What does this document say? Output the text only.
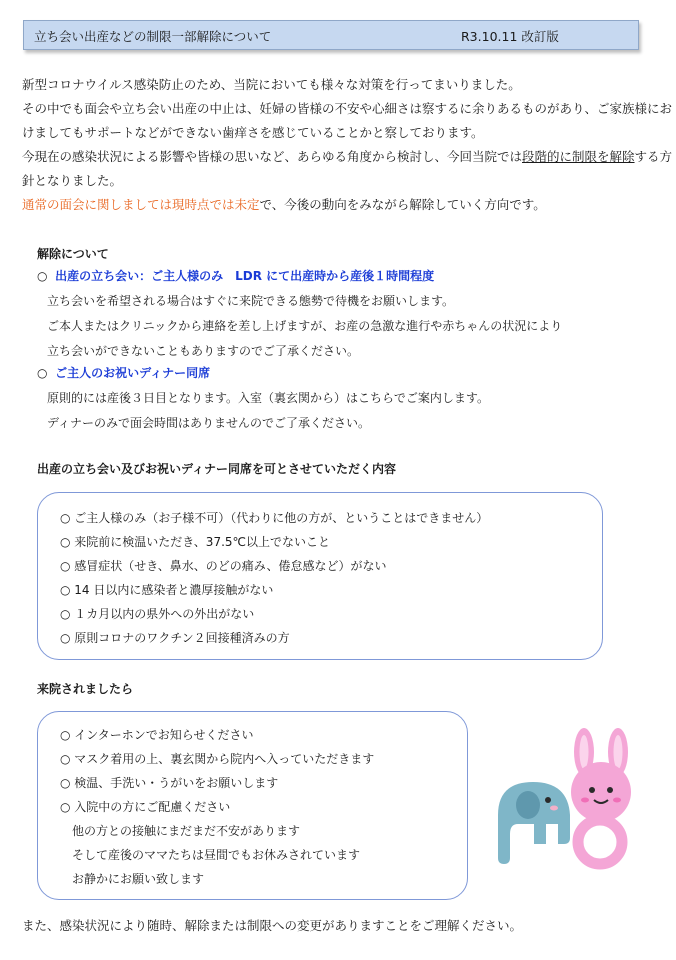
立ち会い出産などの制限一部解除について	R3.10.11 改訂版
新型コロナウイルス感染防止のため、当院においても様々な対策を行ってまいりました。
その中でも面会や立ち会い出産の中止は、妊婦の皆様の不安や心細さは察するに余りあるものがあり、ご家族様にお
けましてもサポートなどができない歯痒さを感じていることかと察しております。
今現在の感染状況による影響や皆様の思いなど、あらゆる角度から検討し、今回当院では段階的に制限を解除する方
針となりました。
通常の面会に関しましては現時点では未定で、今後の動向をみながら解除していく方向です。
解除について
○ 出産の立ち会い：ご主人様のみ　LDR にて出産時から産後１時間程度
立ち会いを希望される場合はすぐに来院できる態勢で待機をお願いします。
ご本人またはクリニックから連絡を差し上げますが、お産の急激な進行や赤ちゃんの状況により
立ち会いができないこともありますのでご了承ください。
○ ご主人のお祝いディナー同席
原則的には産後３日目となります。入室（裏玄関から）はこちらでご案内します。
ディナーのみで面会時間はありませんのでご了承ください。
出産の立ち会い及びお祝いディナー同席を可とさせていただく内容
○ ご主人様のみ（お子様不可）（代わりに他の方が、ということはできません）
○ 来院前に検温いただき、37.5℃以上でないこと
○ 感冒症状（せき、鼻水、のどの痛み、倦怠感など）がない
○ 14 日以内に感染者と濃厚接触がない
○ １カ月以内の県外への外出がない
○ 原則コロナのワクチン２回接種済みの方
来院されましたら
○ インターホンでお知らせください
○ マスク着用の上、裏玄関から院内へ入っていただきます
○ 検温、手洗い・うがいをお願いします
○ 入院中の方にご配慮ください
他の方との接触にまだまだ不安があります
そして産後のママたちは昼間でもお休みされています
お静かにお願い致します
また、感染状況により随時、解除または制限への変更がありますことをご理解ください。
